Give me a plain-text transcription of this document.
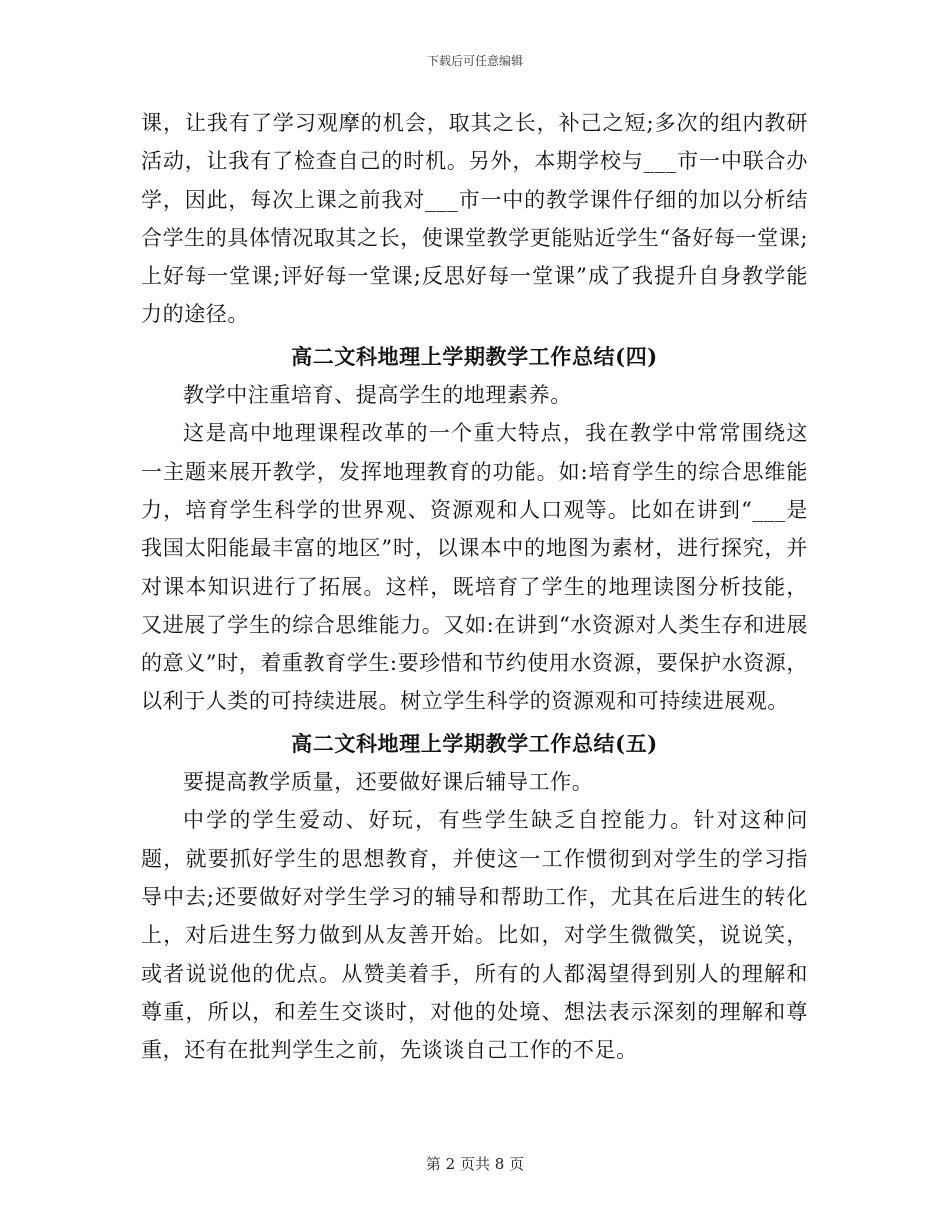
下载后可任意编辑

课，让我有了学习观摩的机会，取其之长，补己之短;多次的组内教研活动，让我有了检查自己的时机。另外，本期学校与___市一中联合办学，因此，每次上课之前我对___市一中的教学课件仔细的加以分析结合学生的具体情况取其之长，使课堂教学更能贴近学生“备好每一堂课;上好每一堂课;评好每一堂课;反思好每一堂课”成了我提升自身教学能力的途径。

高二文科地理上学期教学工作总结(四)

教学中注重培育、提高学生的地理素养。

这是高中地理课程改革的一个重大特点，我在教学中常常围绕这一主题来展开教学，发挥地理教育的功能。如:培育学生的综合思维能力，培育学生科学的世界观、资源观和人口观等。比如在讲到“___是我国太阳能最丰富的地区”时，以课本中的地图为素材，进行探究，并对课本知识进行了拓展。这样，既培育了学生的地理读图分析技能，又进展了学生的综合思维能力。又如:在讲到“水资源对人类生存和进展的意义”时，着重教育学生:要珍惜和节约使用水资源，要保护水资源，以利于人类的可持续进展。树立学生科学的资源观和可持续进展观。

高二文科地理上学期教学工作总结(五)

要提高教学质量，还要做好课后辅导工作。

中学的学生爱动、好玩，有些学生缺乏自控能力。针对这种问题，就要抓好学生的思想教育，并使这一工作惯彻到对学生的学习指导中去;还要做好对学生学习的辅导和帮助工作，尤其在后进生的转化上，对后进生努力做到从友善开始。比如，对学生微微笑，说说笑，或者说说他的优点。从赞美着手，所有的人都渴望得到别人的理解和尊重，所以，和差生交谈时，对他的处境、想法表示深刻的理解和尊重，还有在批判学生之前，先谈谈自己工作的不足。

第 2 页共 8 页
